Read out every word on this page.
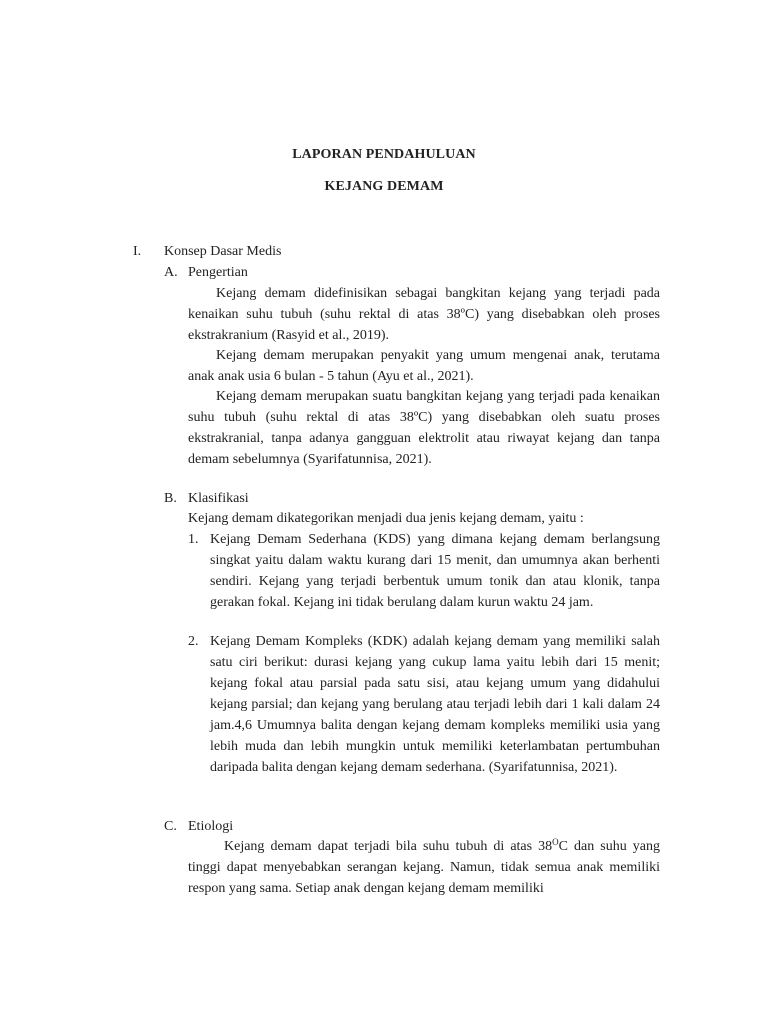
LAPORAN PENDAHULUAN
KEJANG DEMAM
I. Konsep Dasar Medis
A. Pengertian

Kejang demam didefinisikan sebagai bangkitan kejang yang terjadi pada kenaikan suhu tubuh (suhu rektal di atas 38ºC) yang disebabkan oleh proses ekstrakranium (Rasyid et al., 2019).

Kejang demam merupakan penyakit yang umum mengenai anak, terutama anak anak usia 6 bulan - 5 tahun (Ayu et al., 2021).

Kejang demam merupakan suatu bangkitan kejang yang terjadi pada kenaikan suhu tubuh (suhu rektal di atas 38ºC) yang disebabkan oleh suatu proses ekstrakranial, tanpa adanya gangguan elektrolit atau riwayat kejang dan tanpa demam sebelumnya (Syarifatunnisa, 2021).

B. Klasifikasi
Kejang demam dikategorikan menjadi dua jenis kejang demam, yaitu :
1. Kejang Demam Sederhana (KDS) yang dimana kejang demam berlangsung singkat yaitu dalam waktu kurang dari 15 menit, dan umumnya akan berhenti sendiri. Kejang yang terjadi berbentuk umum tonik dan atau klonik, tanpa gerakan fokal. Kejang ini tidak berulang dalam kurun waktu 24 jam.

2. Kejang Demam Kompleks (KDK) adalah kejang demam yang memiliki salah satu ciri berikut: durasi kejang yang cukup lama yaitu lebih dari 15 menit; kejang fokal atau parsial pada satu sisi, atau kejang umum yang didahului kejang parsial; dan kejang yang berulang atau terjadi lebih dari 1 kali dalam 24 jam.4,6 Umumnya balita dengan kejang demam kompleks memiliki usia yang lebih muda dan lebih mungkin untuk memiliki keterlambatan pertumbuhan daripada balita dengan kejang demam sederhana. (Syarifatunnisa, 2021).

C. Etiologi

Kejang demam dapat terjadi bila suhu tubuh di atas $38^OC$ dan suhu yang tinggi dapat menyebabkan serangan kejang. Namun, tidak semua anak memiliki respon yang sama. Setiap anak dengan kejang demam memiliki
